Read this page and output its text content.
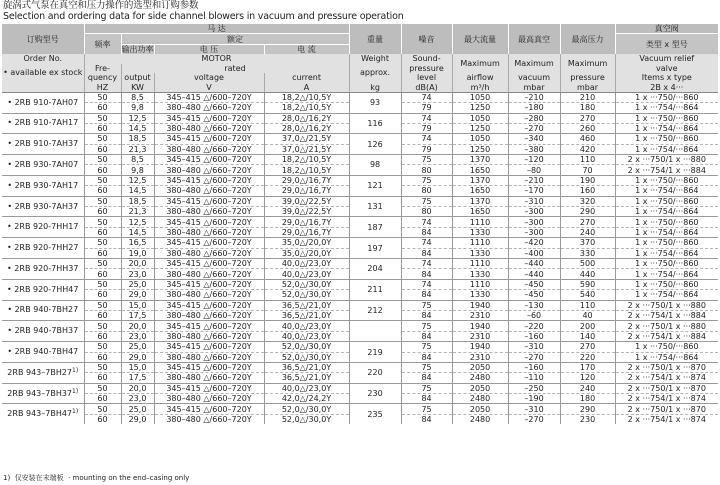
旋涡式气泵在真空和压力操作的选型和订购参数
Selection and ordering data for side channel blowers in vacuum and pressure operation
订购型号	马 达				重量	噪音	最大流量	最高真空	最高压力	真空阀
	频率	额定								类型 x 型号
		输出功率	电 压	电 流						
Order No.	MOTOR				Weight	Sound-	Maximum	Maximum	Maximum	Vacuum relief
• available ex stock	Fre-	rated			approx.	pressure				valve
	quency	output	voltage	current		level	airflow	vacuum	pressure	Items x type
	HZ	KW	V	A	kg	dB(A)	m³/h	mbar	mbar	2B x 4···
• 2RB 910-7AH07	50	8,5	345–415 △/600–720Y	18,2△/10,5Y	93	74	1050	–210	210	1 x ···750/···860
	60	9,8	380–480 △/660–720Y	18,2△/10,5Y		79	1250	–180	180	1 x ···754/···864
• 2RB 910-7AH17	50	12,5	345–415 △/600–720Y	28,0△/16,2Y	116	74	1050	–280	270	1 x ···750/···860
	60	14,5	380–480 △/660–720Y	28,0△/16,2Y		79	1250	–270	260	1 x ···754/···864
• 2RB 910-7AH37	50	18,5	345–415 △/600–720Y	37,0△/21,5Y	126	74	1050	–340	460	1 x ···750/···860
	60	21,3	380–480 △/660–720Y	37,0△/21,5Y		79	1250	–380	420	1 x ···754/···864
• 2RB 930-7AH07	50	8,5	345–415 △/600–720Y	18,2△/10,5Y	98	75	1370	–120	110	2 x ···750/1 x ···880
	60	9,8	380–480 △/660–720Y	18,2△/10,5Y		80	1650	–80	70	2 x ···754/1 x ···884
• 2RB 930-7AH17	50	12,5	345–415 △/600–720Y	29,0△/16,7Y	121	75	1370	–210	190	1 x ···750/···860
	60	14,5	380–480 △/660–720Y	29,0△/16,7Y		80	1650	–170	160	1 x ···754/···864
• 2RB 930-7AH37	50	18,5	345–415 △/600–720Y	39,0△/22,5Y	131	75	1370	–310	320	1 x ···750/···860
	60	21,3	380–480 △/660–720Y	39,0△/22,5Y		80	1650	–300	290	1 x ···754/···864
• 2RB 920-7HH17	50	12,5	345–415 △/600–720Y	29,0△/16,7Y	187	74	1110	–300	270	1 x ···750/···860
	60	14,5	380–480 △/660–720Y	29,0△/16,7Y		84	1330	–300	240	1 x ···754/···864
• 2RB 920-7HH27	50	16,5	345–415 △/600–720Y	35,0△/20,0Y	197	74	1110	–420	370	1 x ···750/···860
	60	19,0	380–480 △/660–720Y	35,0△/20,0Y		84	1330	–400	330	1 x ···754/···864
• 2RB 920-7HH37	50	20,0	345–415 △/600–720Y	40,0△/23,0Y	204	74	1110	–440	500	1 x ···750/···860
	60	23,0	380–480 △/660–720Y	40,0△/23,0Y		84	1330	–440	440	1 x ···754/···864
• 2RB 920-7HH47	50	25,0	345–415 △/600–720Y	52,0△/30,0Y	211	74	1110	–450	590	1 x ···750/···860
	60	29,0	380–480 △/660–720Y	52,0△/30,0Y		84	1330	–450	540	1 x ···754/···864
• 2RB 940-7BH27	50	15,0	345–415 △/600–720Y	36,5△/21,0Y	212	75	1940	–130	110	2 x ···750/1 x ···880
	60	17,5	380–480 △/660–720Y	36,5△/21,0Y		84	2310	–60	40	2 x ···754/1 x ···884
• 2RB 940-7BH37	50	20,0	345–415 △/600–720Y	40,0△/23,0Y		75	1940	–220	200	2 x ···750/1 x ···880
	60	23,0	380–480 △/660–720Y	40,0△/23,0Y		84	2310	–160	140	2 x ···754/1 x ···884
• 2RB 940-7BH47	50	25,0	345–415 △/600–720Y	52,0△/30,0Y	219	75	1940	–310	270	1 x ···750/···860
	60	29,0	380–480 △/660–720Y	52,0△/30,0Y		84	2310	–270	220	1 x ···754/···864
2RB 943–7BH27$^{1)}$	50	15,0	345–415 △/600–720Y	36,5△/21,0Y	220	75	2050	–160	170	2 x ···750/1 x ···870
	60	17,5	380–480 △/660–720Y	36,5△/21,0Y		84	2480	–110	120	2 x ···754/1 x ···874
2RB 943–7BH37$^{1)}$	50	20,0	345–415 △/600–720Y	40,0△/23,0Y	230	75	2050	–250	240	2 x ···750/1 x ···870
	60	23,0	380–480 △/660–720Y	42,0△/24,2Y		84	2480	–190	180	2 x ···754/1 x ···874
2RB 943–7BH47$^{1)}$	50	25,0	345–415 △/600–720Y	52,0△/30,0Y	235	75	2050	–310	290	2 x ···750/1 x ···870
	60	29,0	380–480 △/660–720Y	52,0△/30,0Y		84	2480	–270	230	2 x ···754/1 x ···874
1) 仅安装在末端板 · mounting on the end–casing only
